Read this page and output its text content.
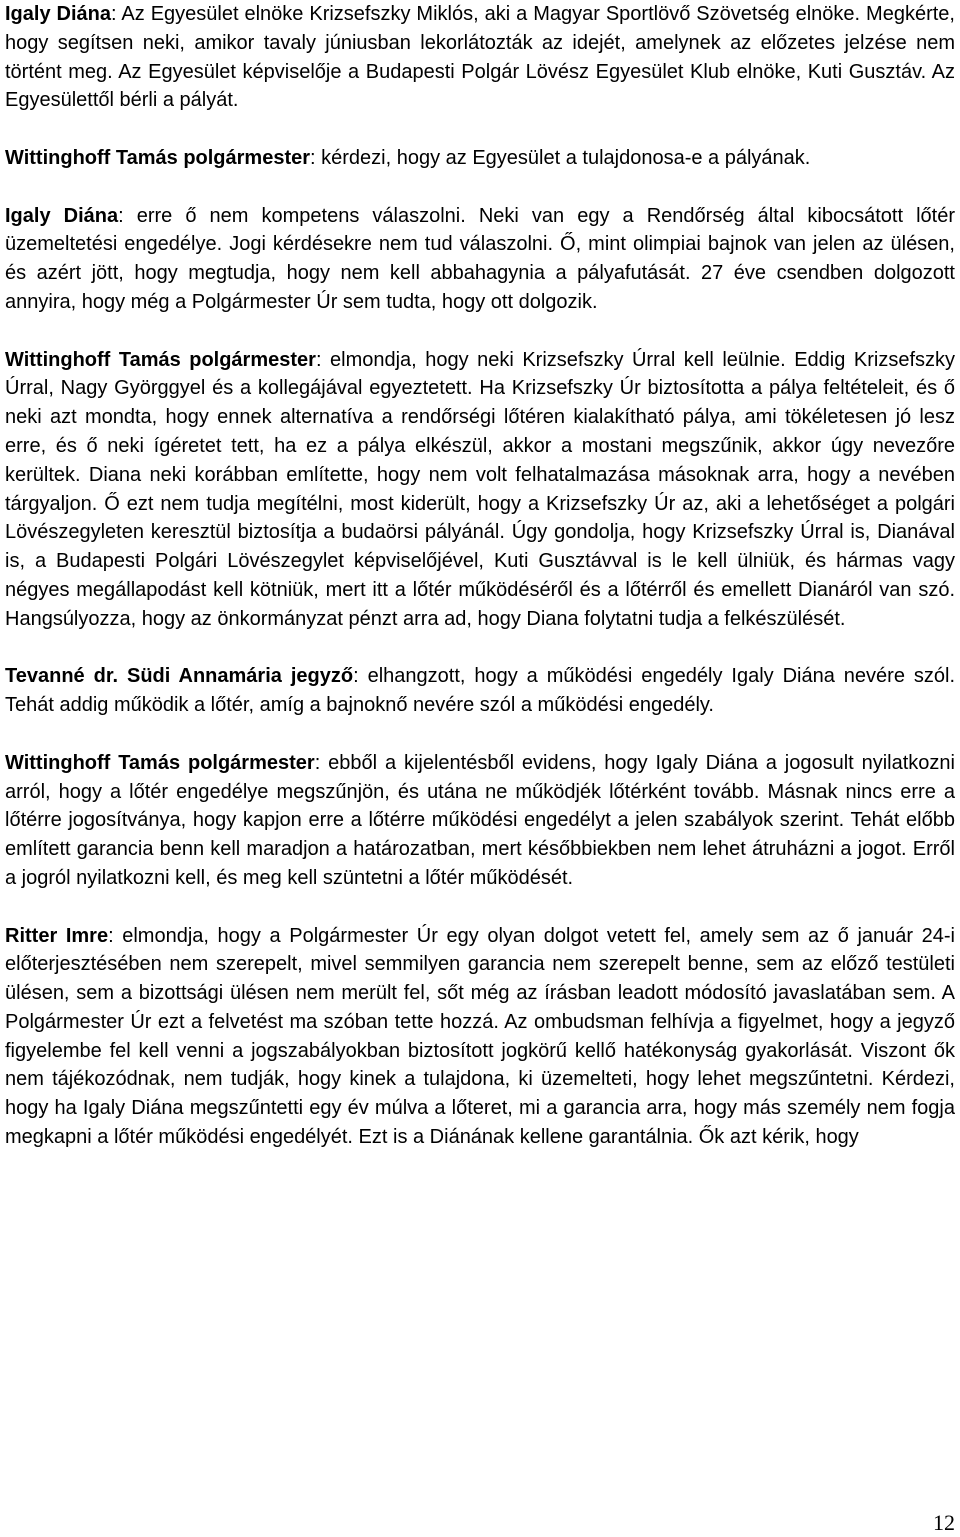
Igaly Diána: Az Egyesület elnöke Krizsefszky Miklós, aki a Magyar Sportlövő Szövetség elnöke. Megkérte, hogy segítsen neki, amikor tavaly júniusban lekorlátozták az idejét, amelynek az előzetes jelzése nem történt meg. Az Egyesület képviselője a Budapesti Polgár Lövész Egyesület Klub elnöke, Kuti Gusztáv. Az Egyesülettől bérli a pályát.

Wittinghoff Tamás polgármester: kérdezi, hogy az Egyesület a tulajdonosa-e a pályának.

Igaly Diána: erre ő nem kompetens válaszolni. Neki van egy a Rendőrség által kibocsátott lőtér üzemeltetési engedélye. Jogi kérdésekre nem tud válaszolni. Ő, mint olimpiai bajnok van jelen az ülésen, és azért jött, hogy megtudja, hogy nem kell abbahagynia a pályafutását. 27 éve csendben dolgozott annyira, hogy még a Polgármester Úr sem tudta, hogy ott dolgozik.

Wittinghoff Tamás polgármester: elmondja, hogy neki Krizsefszky Úrral kell leülnie. Eddig Krizsefszky Úrral, Nagy Györggyel és a kollegájával egyeztetett. Ha Krizsefszky Úr biztosította a pálya feltételeit, és ő neki azt mondta, hogy ennek alternatíva a rendőrségi lőtéren kialakítható pálya, ami tökéletesen jó lesz erre, és ő neki ígéretet tett, ha ez a pálya elkészül, akkor a mostani megszűnik, akkor úgy nevezőre kerültek. Diana neki korábban említette, hogy nem volt felhatalmazása másoknak arra, hogy a nevében tárgyaljon. Ő ezt nem tudja megítélni, most kiderült, hogy a Krizsefszky Úr az, aki a lehetőséget a polgári Lövészegyleten keresztül biztosítja a budaörsi pályánál. Úgy gondolja, hogy Krizsefszky Úrral is, Dianával is, a Budapesti Polgári Lövészegylet képviselőjével, Kuti Gusztávval is le kell ülniük, és hármas vagy négyes megállapodást kell kötniük, mert itt a lőtér működéséről és a lőtérről és emellett Dianáról van szó. Hangsúlyozza, hogy az önkormányzat pénzt arra ad, hogy Diana folytatni tudja a felkészülését.

Tevanné dr. Südi Annamária jegyző: elhangzott, hogy a működési engedély Igaly Diána nevére szól. Tehát addig működik a lőtér, amíg a bajnoknő nevére szól a működési engedély.

Wittinghoff Tamás polgármester: ebből a kijelentésből evidens, hogy Igaly Diána a jogosult nyilatkozni arról, hogy a lőtér engedélye megszűnjön, és utána ne működjék lőtérként tovább. Másnak nincs erre a lőtérre jogosítványa, hogy kapjon erre a lőtérre működési engedélyt a jelen szabályok szerint. Tehát előbb említett garancia benn kell maradjon a határozatban, mert későbbiekben nem lehet átruházni a jogot. Erről a jogról nyilatkozni kell, és meg kell szüntetni a lőtér működését.

Ritter Imre: elmondja, hogy a Polgármester Úr egy olyan dolgot vetett fel, amely sem az ő január 24-i előterjesztésében nem szerepelt, mivel semmilyen garancia nem szerepelt benne, sem az előző testületi ülésen, sem a bizottsági ülésen nem merült fel, sőt még az írásban leadott módosító javaslatában sem. A Polgármester Úr ezt a felvetést ma szóban tette hozzá. Az ombudsman felhívja a figyelmet, hogy a jegyző figyelembe fel kell venni a jogszabályokban biztosított jogkörű kellő hatékonyság gyakorlását. Viszont ők nem tájékozódnak, nem tudják, hogy kinek a tulajdona, ki üzemelteti, hogy lehet megszűntetni. Kérdezi, hogy ha Igaly Diána megszűntetti egy év múlva a lőteret, mi a garancia arra, hogy más személy nem fogja megkapni a lőtér működési engedélyét. Ezt is a Diánának kellene garantálnia. Ők azt kérik, hogy

12
